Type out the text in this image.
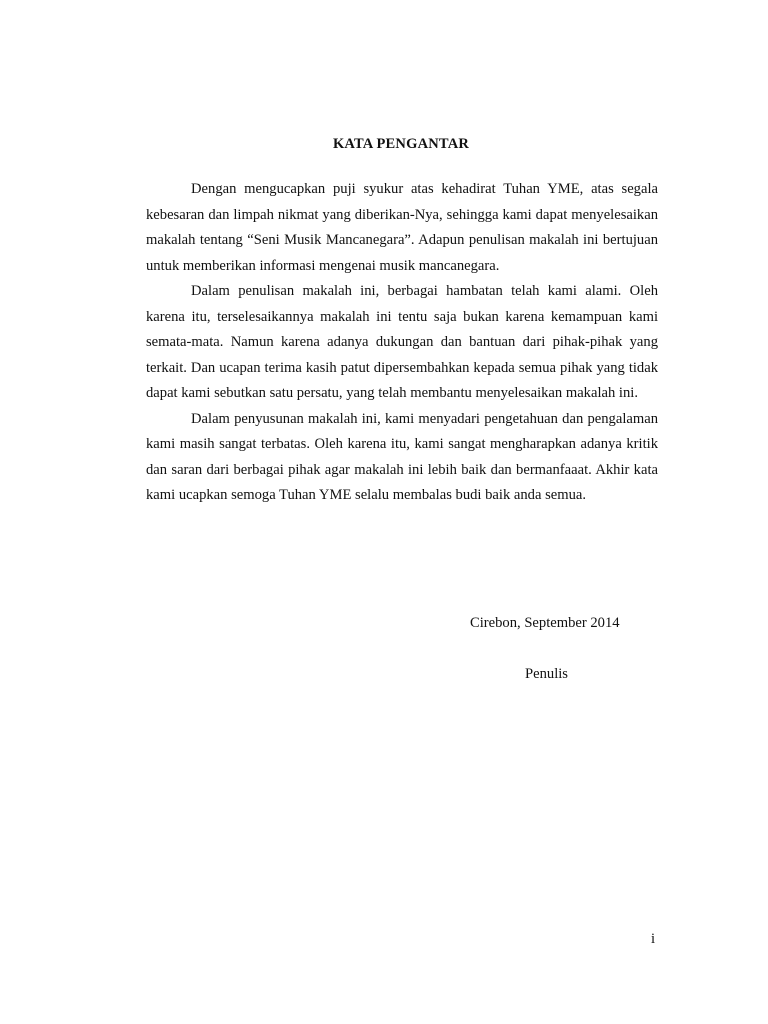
KATA PENGANTAR

Dengan mengucapkan puji syukur atas kehadirat Tuhan YME, atas segala kebesaran dan limpah nikmat yang diberikan-Nya, sehingga kami dapat menyelesaikan makalah tentang “Seni Musik Mancanegara”. Adapun penulisan makalah ini bertujuan untuk memberikan informasi mengenai musik mancanegara.

Dalam penulisan makalah ini, berbagai hambatan telah kami alami. Oleh karena itu, terselesaikannya makalah ini tentu saja bukan karena kemampuan kami semata-mata. Namun karena adanya dukungan dan bantuan dari pihak-pihak yang terkait. Dan ucapan terima kasih patut dipersembahkan kepada semua pihak yang tidak dapat kami sebutkan satu persatu, yang telah membantu menyelesaikan makalah ini.

Dalam penyusunan makalah ini, kami menyadari pengetahuan dan pengalaman kami masih sangat terbatas. Oleh karena itu, kami sangat mengharapkan adanya kritik dan saran dari berbagai pihak agar makalah ini lebih baik dan bermanfaaat. Akhir kata kami ucapkan semoga Tuhan YME selalu membalas budi baik anda semua.

Cirebon, September 2014
Penulis
i
